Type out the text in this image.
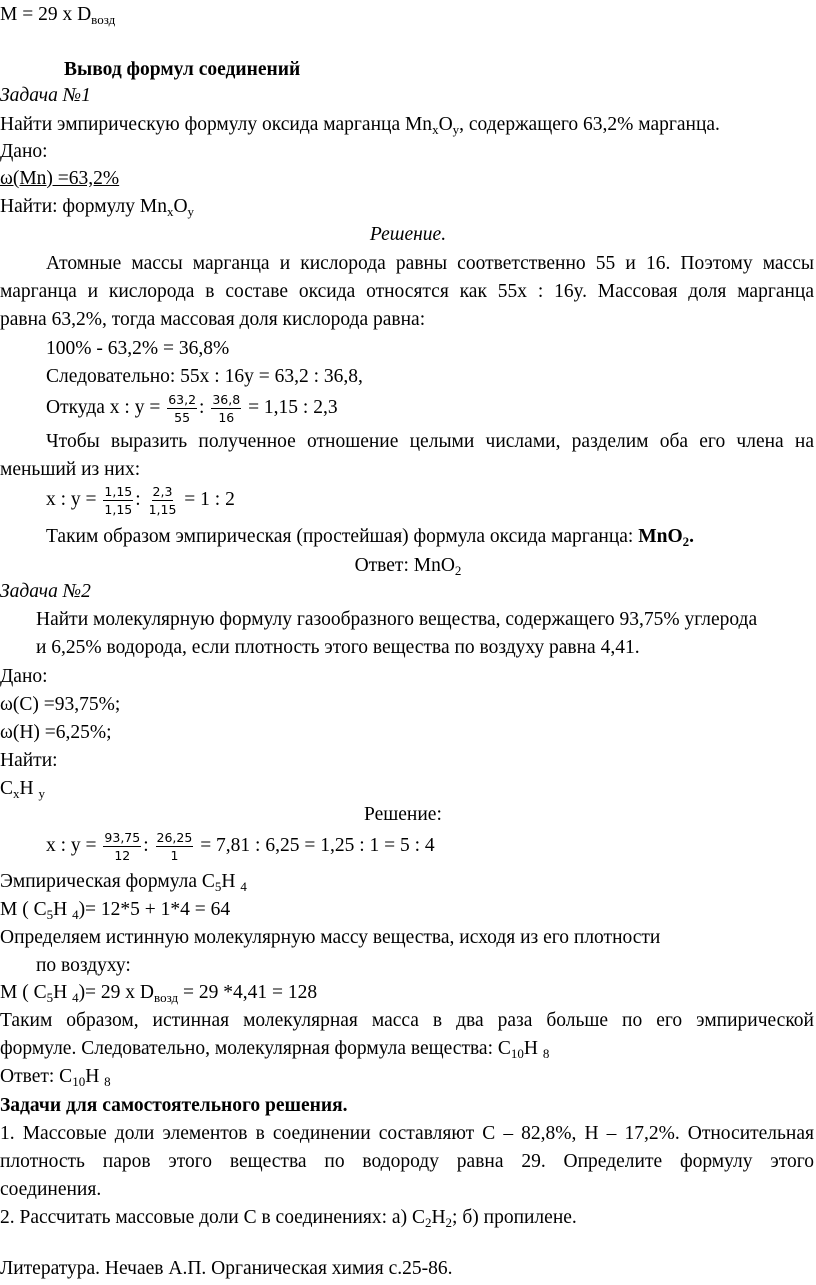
M = 29 x $D_{возд}$
Вывод формул соединений
Задача №1
Найти эмпирическую формулу оксида марганца $Mn_xO_y$, содержащего 63,2% марганца.
Дано:
ω(Mn) =63,2%
Найти: формулу $Mn_xO_y$
Решение.
Атомные массы марганца и кислорода равны соответственно 55 и 16. Поэтому массы
марганца и кислорода в составе оксида относятся как 55x : 16y. Массовая доля марганца
равна 63,2%, тогда массовая доля кислорода равна:
100% - 63,2% = 36,8%
Следовательно: 55x : 16y = 63,2 : 36,8,
Откуда x : $y = \frac{63,2}{55}$ : $\frac{36,8}{16} = 1,15$ : 2,3
Чтобы выразить полученное отношение целыми числами, разделим оба его члена на
меньший из них:
x : $y = \frac{1,15}{1,15}$ : $\frac{2,3}{1,15} = 1$ : 2
Таким образом эмпирическая (простейшая) формула оксида марганца: MnO$_2$.
Ответ: MnO$_2$
Задача №2
Найти молекулярную формулу газообразного вещества, содержащего 93,75% углерода
и 6,25% водорода, если плотность этого вещества по воздуху равна 4,41.
Дано:
ω(C) =93,75%;
ω(H) =6,25%;
Найти:
$C_xH$ $_y$
Решение:
x : $y = \frac{93,75}{12}$ : $\frac{26,25}{1} = 7,81$ : 6,25 = 1,25 : 1 = 5 : 4
Эмпирическая формула $C_5H$ $_4$
M ( $C_5H$ $_4$)= 12*5 + 1*4 = 64
Определяем истинную молекулярную массу вещества, исходя из его плотности
по воздуху:
M ( $C_5H$ $_4$)= 29 x $D_{возд} = 29$ *4,41 = 128
Таким образом, истинная молекулярная масса в два раза больше по его эмпирической
формуле. Следовательно, молекулярная формула вещества: $C_{10}H$ $_8$
Ответ: $C_{10}H$ $_8$
Задачи для самостоятельного решения.
1. Массовые доли элементов в соединении составляют C – 82,8%, H – 17,2%. Относительная
плотность паров этого вещества по водороду равна 29. Определите формулу этого
соединения.
2. Рассчитать массовые доли C в соединениях: а) $C_2H_2$; б) пропилене.
Литература. Нечаев А.П. Органическая химия с.25-86.
